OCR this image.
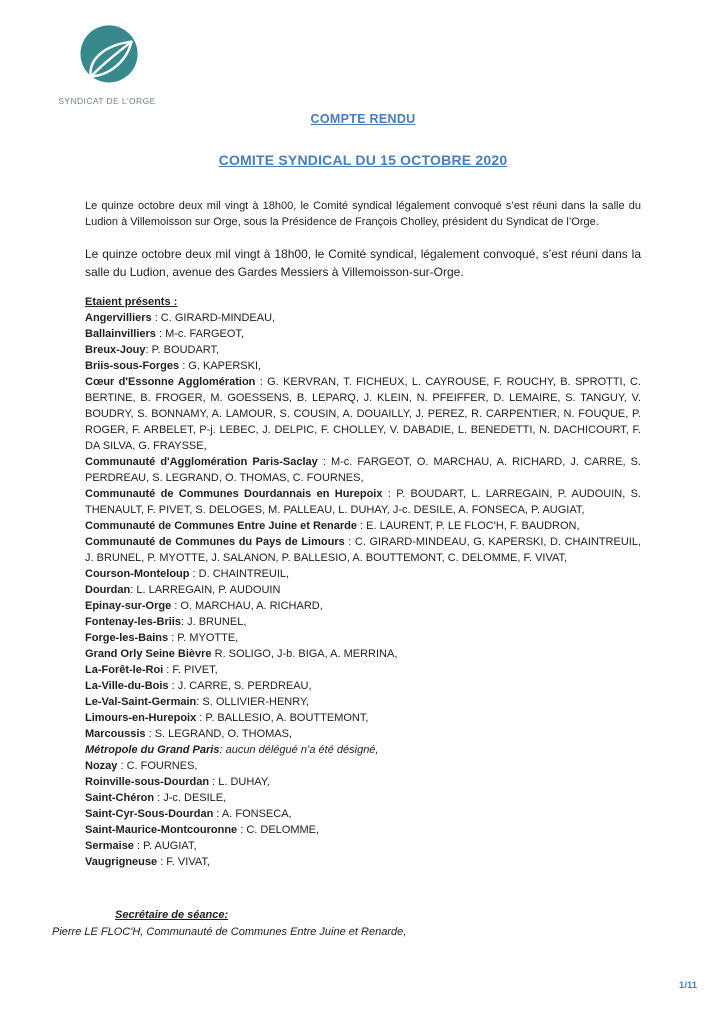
SYNDICAT DE L'ORGE
COMPTE RENDU
COMITE SYNDICAL DU 15 OCTOBRE 2020

Le quinze octobre deux mil vingt à 18h00, le Comité syndical légalement convoqué s’est réuni dans la salle du Ludion à Villemoisson sur Orge, sous la Présidence de François Cholley, président du Syndicat de l’Orge.

Le quinze octobre deux mil vingt à 18h00, le Comité syndical, légalement convoqué, s’est réuni dans la salle du Ludion, avenue des Gardes Messiers à Villemoisson-sur-Orge.

Etaient présents :
Angervilliers : C. GIRARD-MINDEAU,
Ballainvilliers : M-c. FARGEOT,
Breux-Jouy: P. BOUDART,
Briis-sous-Forges : G. KAPERSKI,
Cœur d'Essonne Agglomération : G. KERVRAN, T. FICHEUX, L. CAYROUSE, F. ROUCHY, B. SPROTTI, C. BERTINE, B. FROGER, M. GOESSENS, B. LEPARQ, J. KLEIN, N. PFEIFFER, D. LEMAIRE, S. TANGUY, V. BOUDRY, S. BONNAMY, A. LAMOUR, S. COUSIN, A. DOUAILLY, J. PEREZ, R. CARPENTIER, N. FOUQUE, P. ROGER, F. ARBELET, P-j. LEBEC, J. DELPIC, F. CHOLLEY, V. DABADIE, L. BENEDETTI, N. DACHICOURT, F. DA SILVA, G. FRAYSSE,
Communauté d'Agglomération Paris-Saclay : M-c. FARGEOT, O. MARCHAU, A. RICHARD, J. CARRE, S. PERDREAU, S. LEGRAND, O. THOMAS, C. FOURNES,
Communauté de Communes Dourdannais en Hurepoix : P. BOUDART, L. LARREGAIN, P. AUDOUIN, S. THENAULT, F. PIVET, S. DELOGES, M. PALLEAU, L. DUHAY, J-c. DESILE, A. FONSECA, P. AUGIAT,
Communauté de Communes Entre Juine et Renarde : E. LAURENT, P. LE FLOC'H, F. BAUDRON,
Communauté de Communes du Pays de Limours : C. GIRARD-MINDEAU, G. KAPERSKI, D. CHAINTREUIL, J. BRUNEL, P. MYOTTE, J. SALANON, P. BALLESIO, A. BOUTTEMONT, C. DELOMME, F. VIVAT,
Courson-Monteloup : D. CHAINTREUIL,
Dourdan: L. LARREGAIN, P. AUDOUIN
Epinay-sur-Orge : O. MARCHAU, A. RICHARD,
Fontenay-les-Briis: J. BRUNEL,
Forge-les-Bains : P. MYOTTE,
Grand Orly Seine Bièvre R. SOLIGO, J-b. BIGA, A. MERRINA,
La-Forêt-le-Roi : F. PIVET,
La-Ville-du-Bois : J. CARRE, S. PERDREAU,
Le-Val-Saint-Germain: S. OLLIVIER-HENRY,
Limours-en-Hurepoix : P. BALLESIO, A. BOUTTEMONT,
Marcoussis : S. LEGRAND, O. THOMAS,
Métropole du Grand Paris: aucun délégué n’a été désigné,
Nozay : C. FOURNES,
Roinville-sous-Dourdan : L. DUHAY,
Saint-Chéron : J-c. DESILE,
Saint-Cyr-Sous-Dourdan : A. FONSECA,
Saint-Maurice-Montcouronne : C. DELOMME,
Sermaise : P. AUGIAT,
Vaugrigneuse : F. VIVAT,
Secrétaire de séance:
Pierre LE FLOC'H, Communauté de Communes Entre Juine et Renarde,
1/11
